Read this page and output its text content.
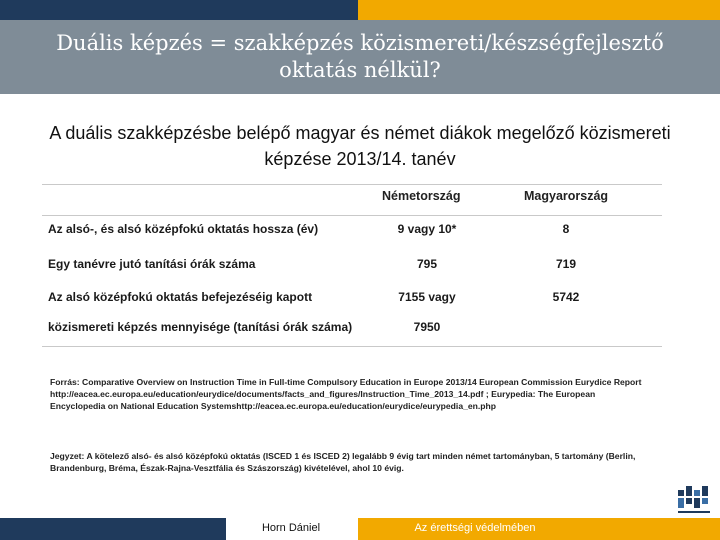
Duális képzés = szakképzés közismereti/készségfejlesztő oktatás nélkül?
A duális szakképzésbe belépő magyar és német diákok megelőző közismereti képzése 2013/14. tanév
Németország	Magyarország
Az alsó-, és alsó középfokú oktatás hossza (év)	9 vagy 10*	8
Egy tanévre jutó tanítási órák száma	795	719
Az alsó középfokú oktatás befejezéséig kapott	7155 vagy	5742
közismereti képzés mennyisége (tanítási órák száma)	7950
Forrás: Comparative Overview on Instruction Time in Full-time Compulsory Education in Europe 2013/14 European Commission Eurydice Report http://eacea.ec.europa.eu/education/eurydice/documents/facts_and_figures/Instruction_Time_2013_14.pdf ; Eurypedia: The European Encyclopedia on National Education Systemshttp://eacea.ec.europa.eu/education/eurydice/eurypedia_en.php
Jegyzet: A kötelező alsó- és alsó középfokú oktatás (ISCED 1 és ISCED 2) legalább 9 évig tart minden német tartományban, 5 tartomány (Berlin, Brandenburg, Bréma, Észak-Rajna-Vesztfália és Szászország) kivételével, ahol 10 évig.
Horn Dániel	Az érettségi védelmében
